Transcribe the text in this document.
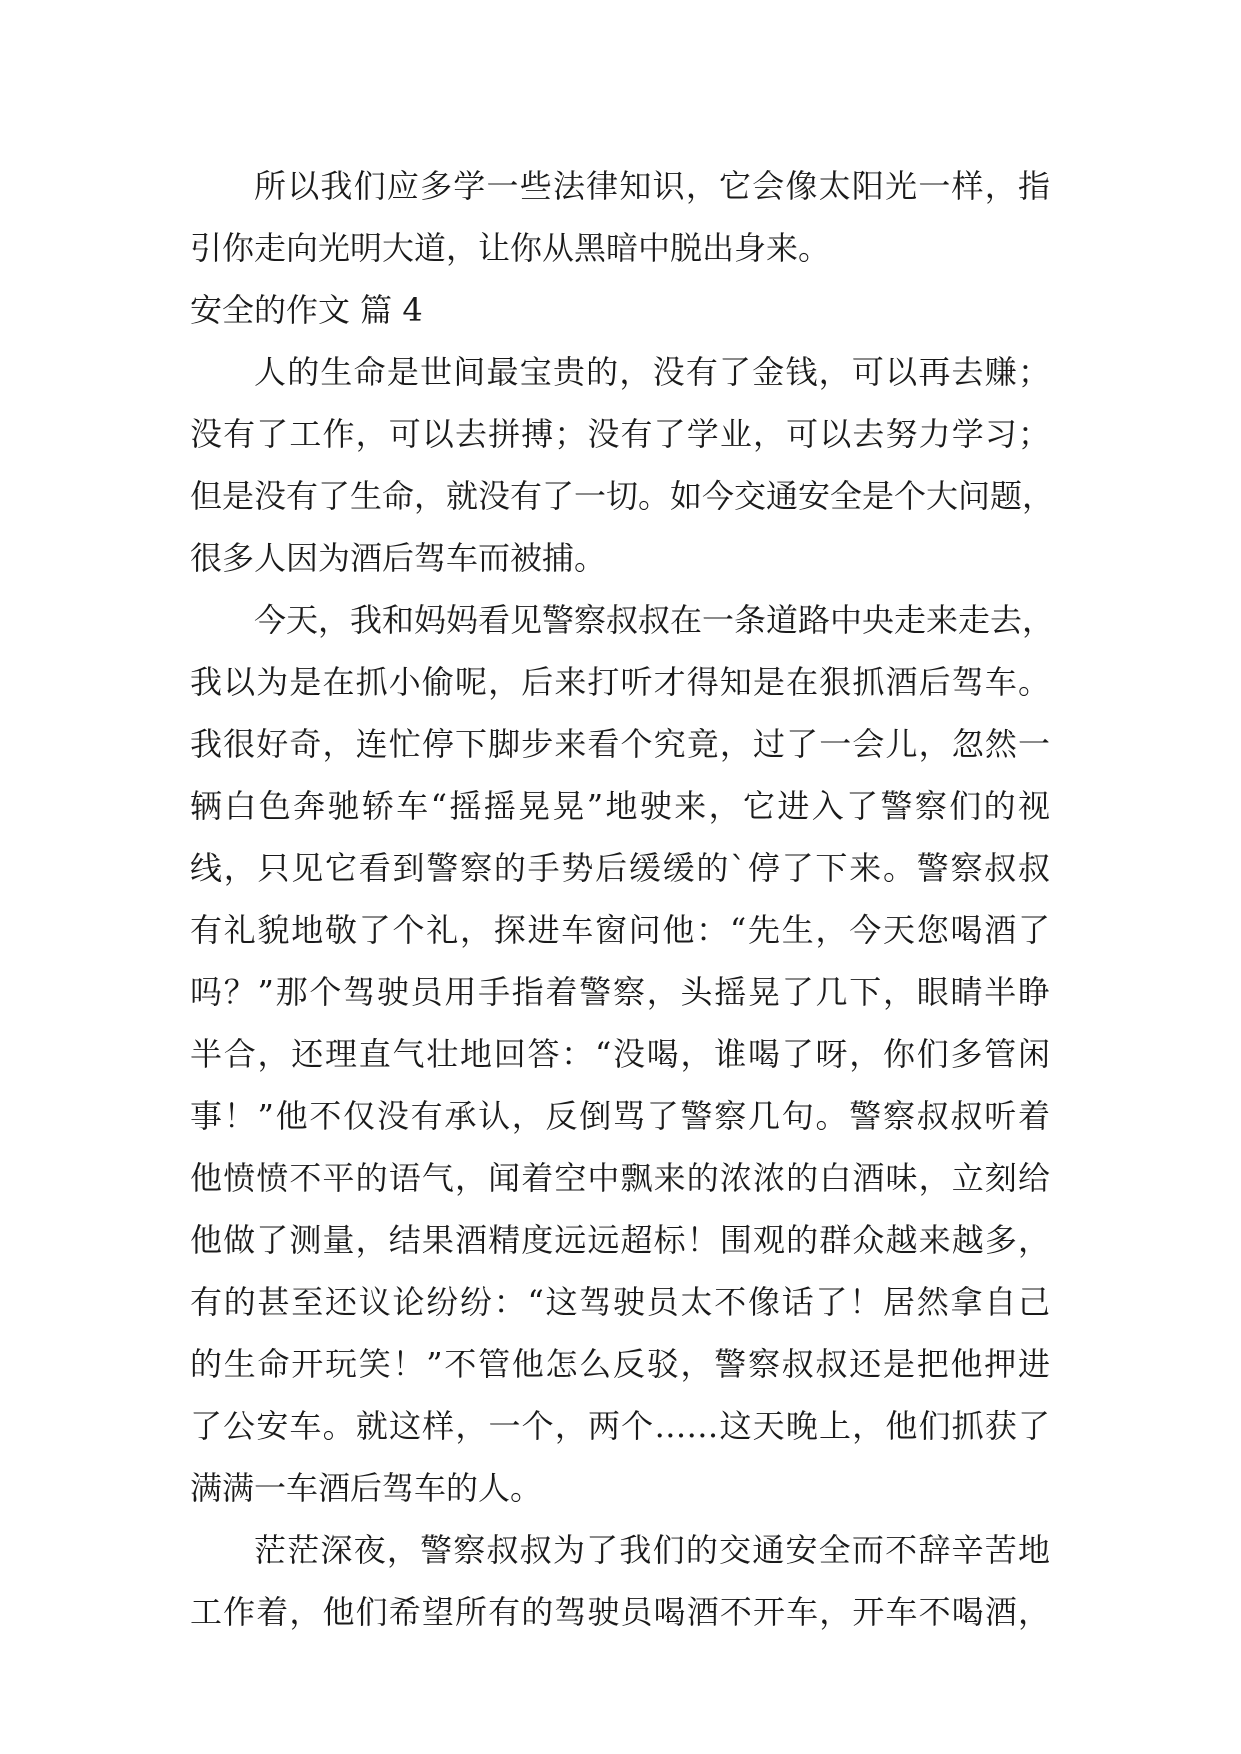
所以我们应多学一些法律知识，它会像太阳光一样，指
引你走向光明大道，让你从黑暗中脱出身来。
安全的作文 篇 4
人的生命是世间最宝贵的，没有了金钱，可以再去赚；
没有了工作，可以去拼搏；没有了学业，可以去努力学习；
但是没有了生命，就没有了一切。如今交通安全是个大问题，
很多人因为酒后驾车而被捕。
今天，我和妈妈看见警察叔叔在一条道路中央走来走去，
我以为是在抓小偷呢，后来打听才得知是在狠抓酒后驾车。
我很好奇，连忙停下脚步来看个究竟，过了一会儿，忽然一
辆白色奔驰轿车“摇摇晃晃”地驶来，它进入了警察们的视
线，只见它看到警察的手势后缓缓的`停了下来。警察叔叔
有礼貌地敬了个礼，探进车窗问他：“先生，今天您喝酒了
吗？”那个驾驶员用手指着警察，头摇晃了几下，眼睛半睁
半合，还理直气壮地回答：“没喝，谁喝了呀，你们多管闲
事！”他不仅没有承认，反倒骂了警察几句。警察叔叔听着
他愤愤不平的语气，闻着空中飘来的浓浓的白酒味，立刻给
他做了测量，结果酒精度远远超标！围观的群众越来越多，
有的甚至还议论纷纷：“这驾驶员太不像话了！居然拿自己
的生命开玩笑！”不管他怎么反驳，警察叔叔还是把他押进
了公安车。就这样，一个，两个……这天晚上，他们抓获了
满满一车酒后驾车的人。
茫茫深夜，警察叔叔为了我们的交通安全而不辞辛苦地
工作着，他们希望所有的驾驶员喝酒不开车，开车不喝酒，
